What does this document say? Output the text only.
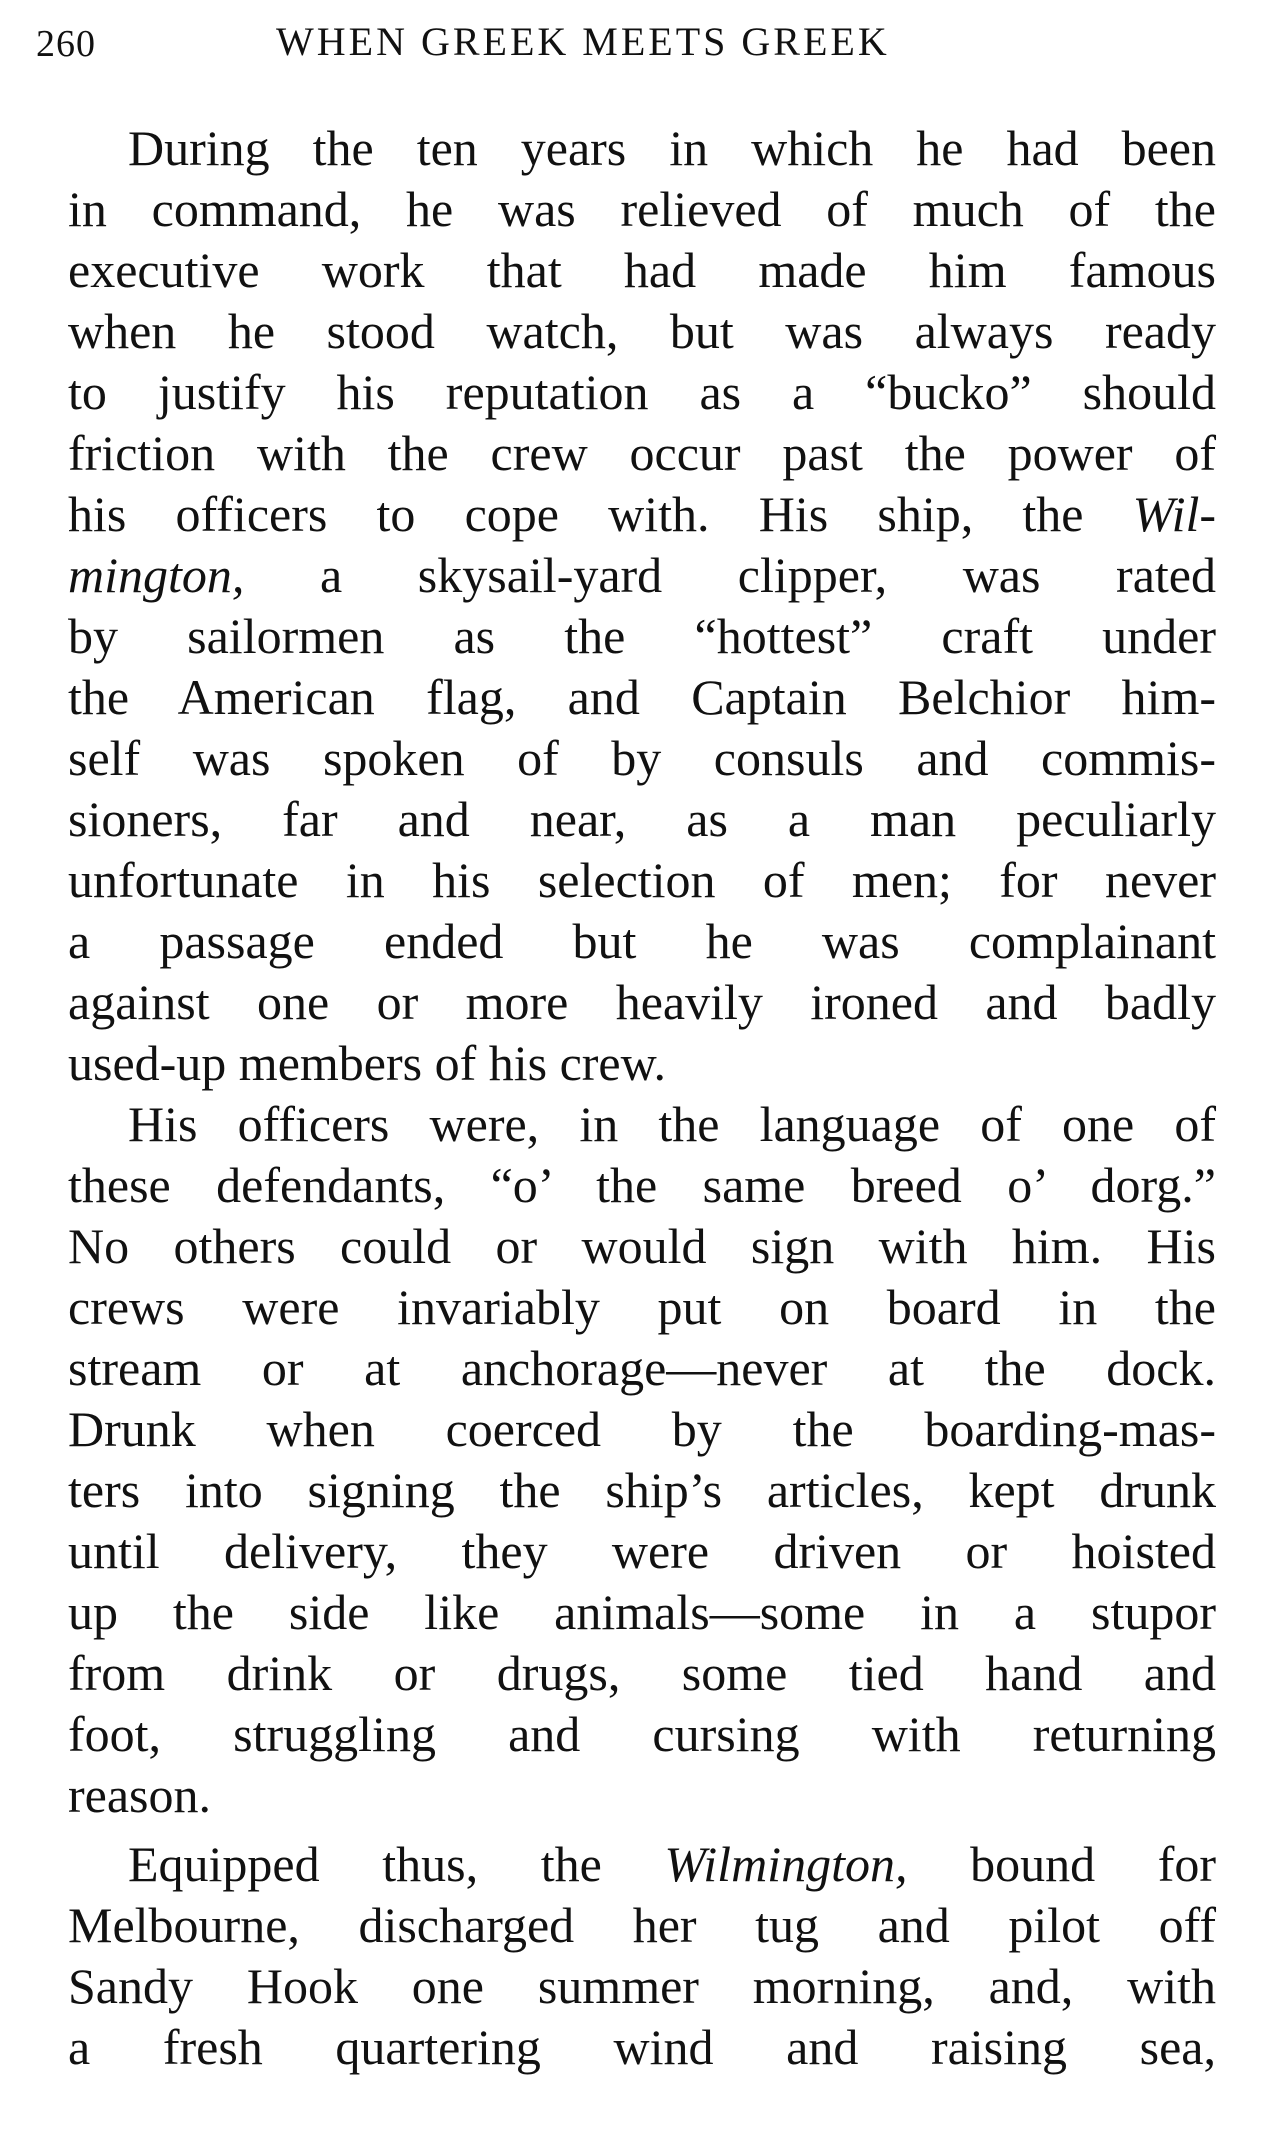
260	WHEN GREEK MEETS GREEK
During the ten years in which he had been
in command, he was relieved of much of the
executive work that had made him famous
when he stood watch, but was always ready
to justify his reputation as a “bucko” should
friction with the crew occur past the power of
his officers to cope with. His ship, the Wil-
mington, a skysail-yard clipper, was rated
by sailormen as the “hottest” craft under
the American flag, and Captain Belchior him-
self was spoken of by consuls and commis-
sioners, far and near, as a man peculiarly
unfortunate in his selection of men; for never
a passage ended but he was complainant
against one or more heavily ironed and badly
used-up members of his crew.
His officers were, in the language of one of
these defendants, “o’ the same breed o’ dorg.”
No others could or would sign with him. His
crews were invariably put on board in the
stream or at anchorage—never at the dock.
Drunk when coerced by the boarding-mas-
ters into signing the ship’s articles, kept drunk
until delivery, they were driven or hoisted
up the side like animals—some in a stupor
from drink or drugs, some tied hand and
foot, struggling and cursing with returning
reason.
Equipped thus, the Wilmington, bound for
Melbourne, discharged her tug and pilot off
Sandy Hook one summer morning, and, with
a fresh quartering wind and raising sea,
